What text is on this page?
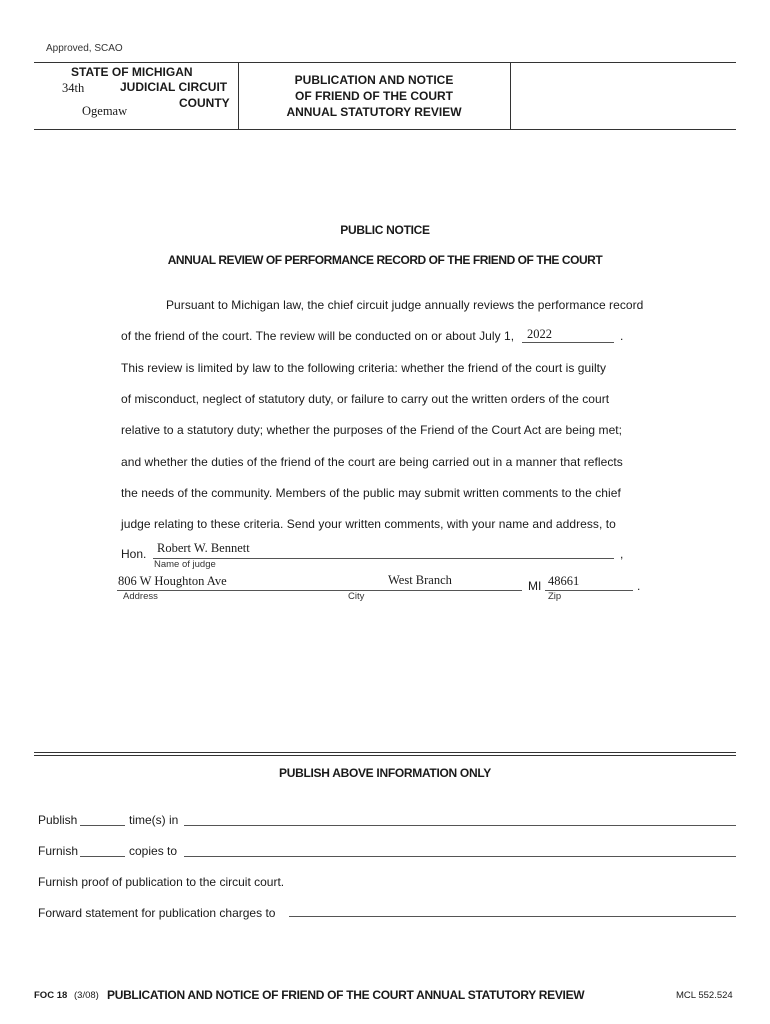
Approved, SCAO
STATE OF MICHIGAN
34th	JUDICIAL CIRCUIT
COUNTY
Ogemaw
PUBLICATION AND NOTICE
OF FRIEND OF THE COURT
ANNUAL STATUTORY REVIEW
PUBLIC NOTICE
ANNUAL REVIEW OF PERFORMANCE RECORD OF THE FRIEND OF THE COURT
Pursuant to Michigan law, the chief circuit judge annually reviews the performance record
of the friend of the court. The review will be conducted on or about July 1, 2022	.
This review is limited by law to the following criteria: whether the friend of the court is guilty
of misconduct, neglect of statutory duty, or failure to carry out the written orders of the court
relative to a statutory duty; whether the purposes of the Friend of the Court Act are being met;
and whether the duties of the friend of the court are being carried out in a manner that reflects
the needs of the community. Members of the public may submit written comments to the chief
judge relating to these criteria. Send your written comments, with your name and address, to
Hon. Robert W. Bennett	,
Name of judge
806 W Houghton Ave	West Branch	MI 48661	.
Address	City	Zip
PUBLISH ABOVE INFORMATION ONLY
Publish	time(s) in
Furnish	copies to
Furnish proof of publication to the circuit court.
Forward statement for publication charges to
FOC 18 (3/08) PUBLICATION AND NOTICE OF FRIEND OF THE COURT ANNUAL STATUTORY REVIEW	MCL 552.524
